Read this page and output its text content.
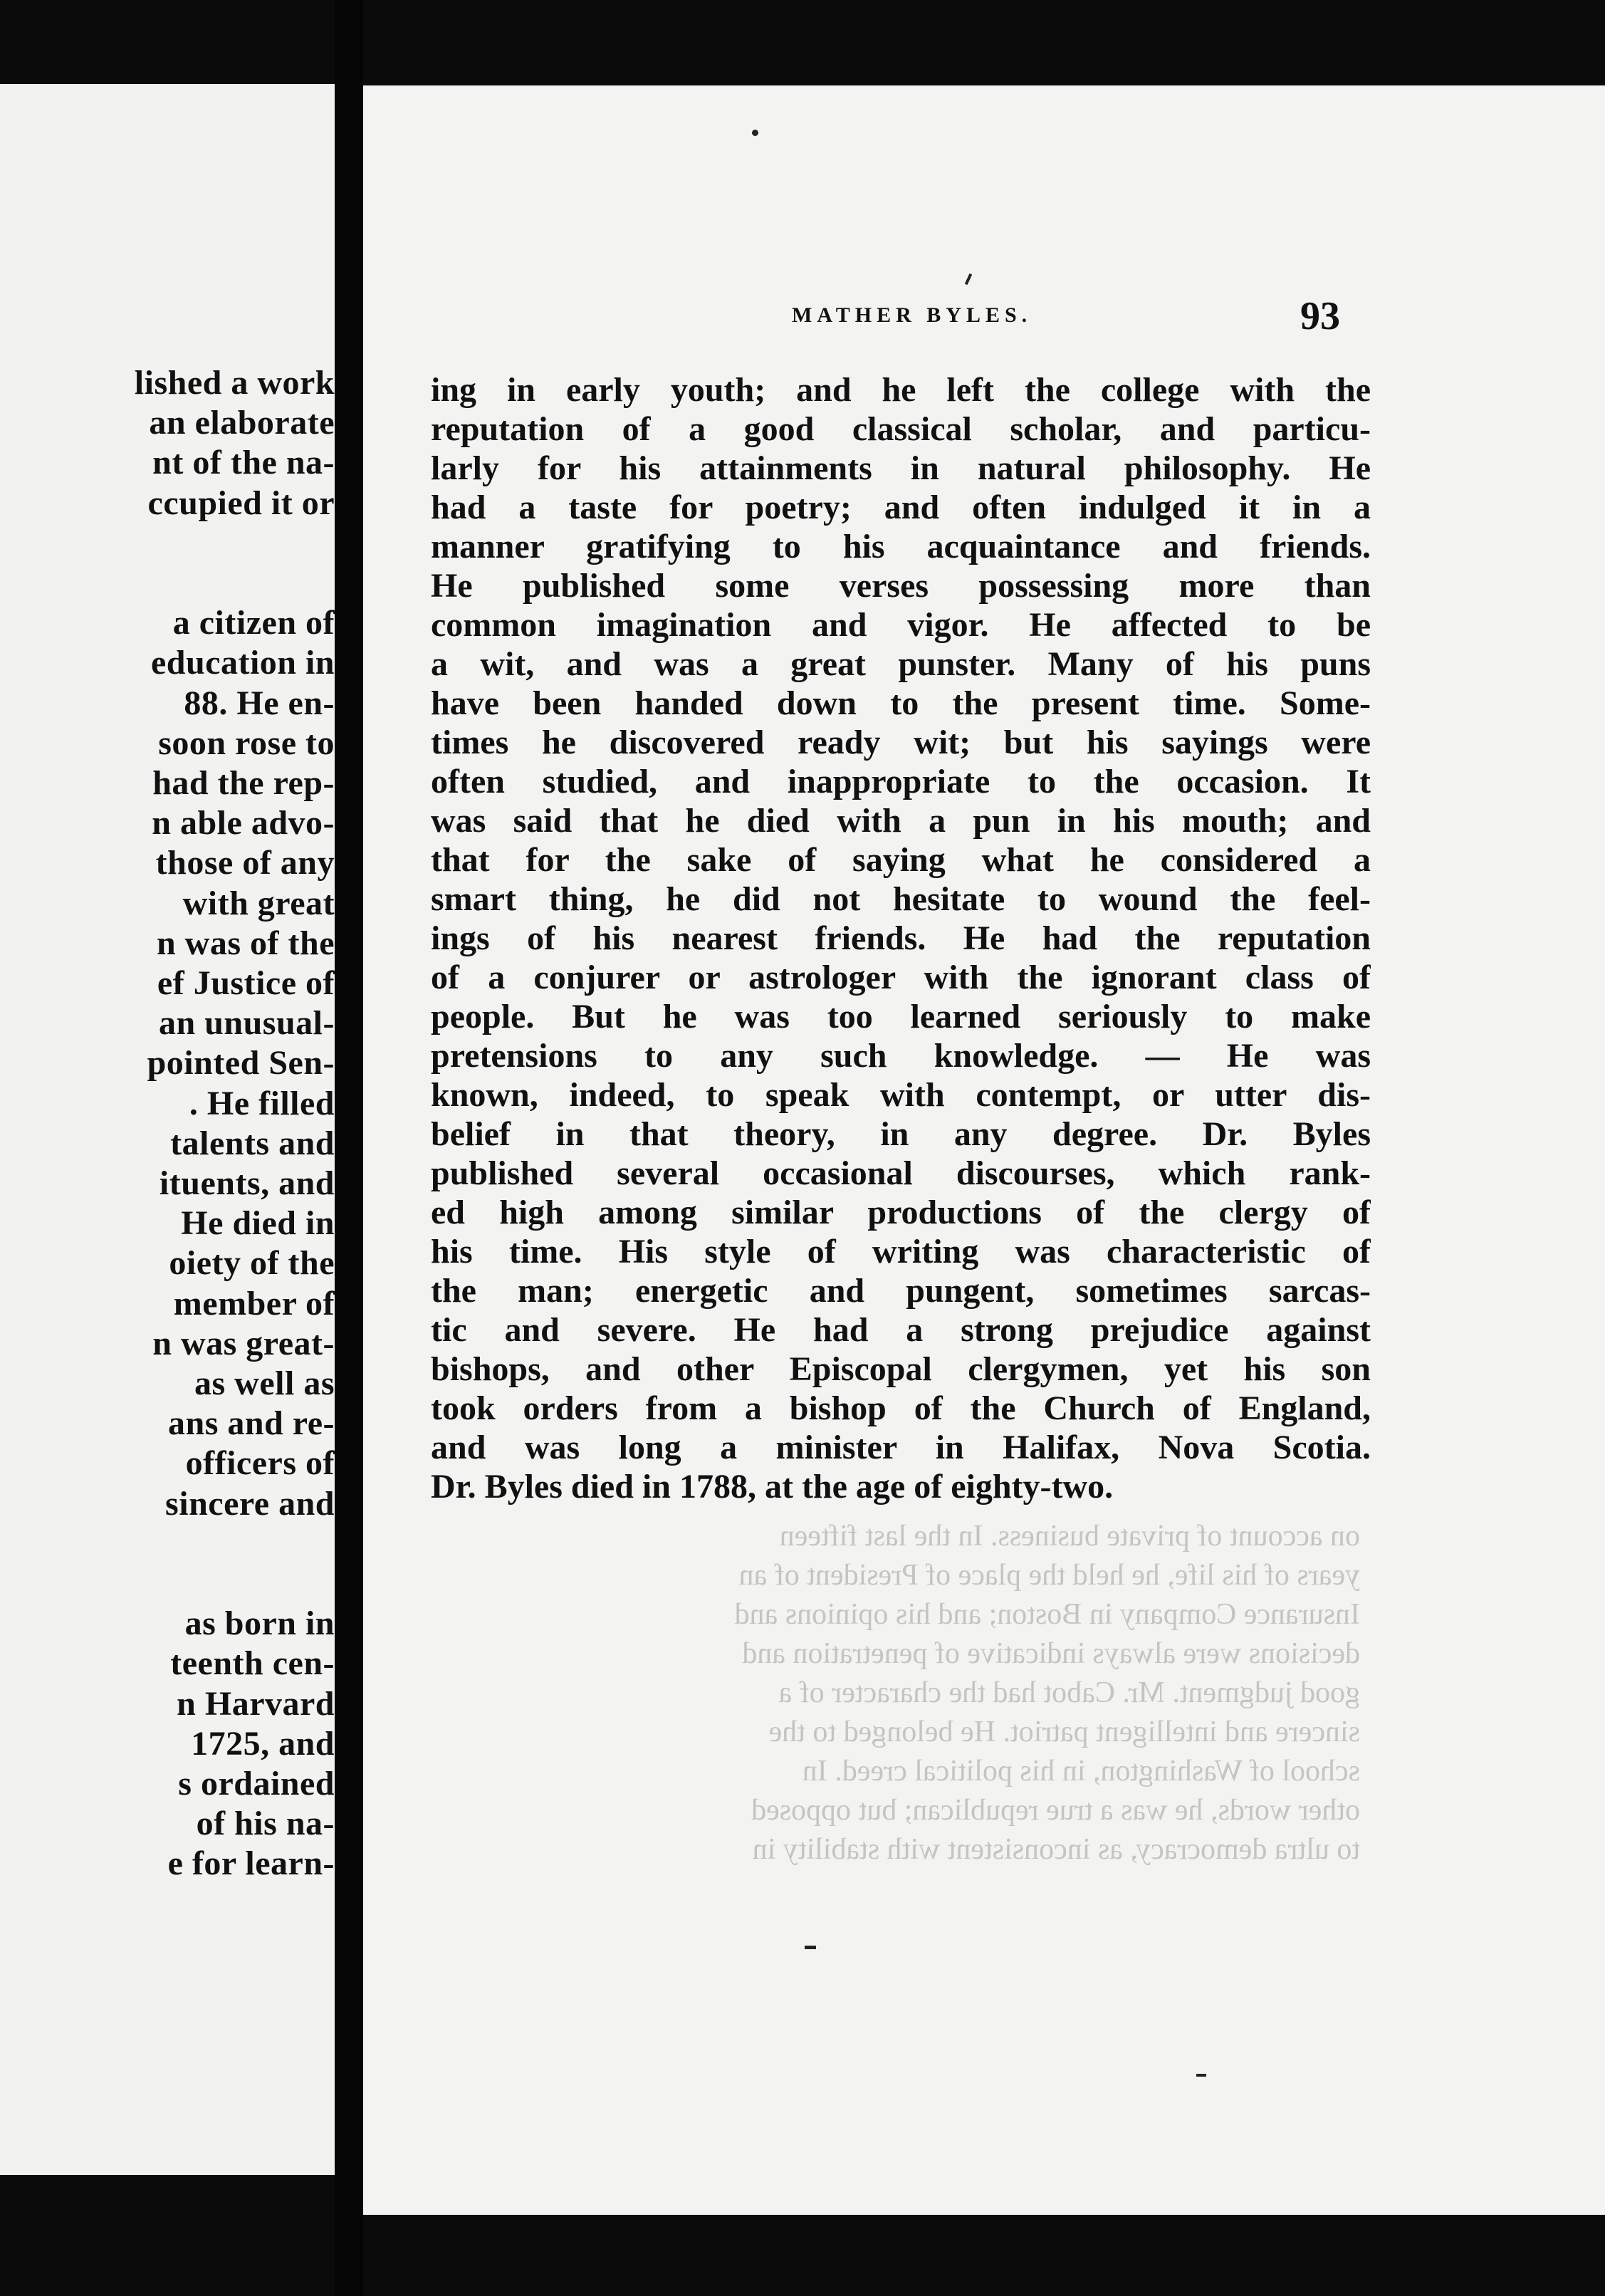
lished a work
an elaborate
nt of the na-
ccupied it or
a citizen of
education in
88. He en-
soon rose to
had the rep-
n able advo-
those of any
with great
n was of the
ef Justice of
an unusual-
pointed Sen-
. He filled
talents and
ituents, and
He died in
oiety of the
member of
n was great-
as well as
ans and re-
officers of
sincere and
as born in
teenth cen-
n Harvard
1725, and
s ordained
of his na-
e for learn-
MATHER BYLES.	93
ing in early youth; and he left the college with the
reputation of a good classical scholar, and particu-
larly for his attainments in natural philosophy. He
had a taste for poetry; and often indulged it in a
manner gratifying to his acquaintance and friends.
He published some verses possessing more than
common imagination and vigor. He affected to be
a wit, and was a great punster. Many of his puns
have been handed down to the present time. Some-
times he discovered ready wit; but his sayings were
often studied, and inappropriate to the occasion. It
was said that he died with a pun in his mouth; and
that for the sake of saying what he considered a
smart thing, he did not hesitate to wound the feel-
ings of his nearest friends. He had the reputation
of a conjurer or astrologer with the ignorant class of
people. But he was too learned seriously to make
pretensions to any such knowledge. — He was
known, indeed, to speak with contempt, or utter dis-
belief in that theory, in any degree. Dr. Byles
published several occasional discourses, which rank-
ed high among similar productions of the clergy of
his time. His style of writing was characteristic of
the man; energetic and pungent, sometimes sarcas-
tic and severe. He had a strong prejudice against
bishops, and other Episcopal clergymen, yet his son
took orders from a bishop of the Church of England,
and was long a minister in Halifax, Nova Scotia.
Dr. Byles died in 1788, at the age of eighty-two.
on account of private business. In the last fifteen
years of his life, he held the place of President of an
Insurance Company in Boston; and his opinions and
decisions were always indicative of penetration and
good judgment. Mr. Cabot had the character of a
sincere and intelligent patriot. He belonged to the
school of Washington, in his political creed. In
other words, he was a true republican; but opposed
to ultra democracy, as inconsistent with stability in
